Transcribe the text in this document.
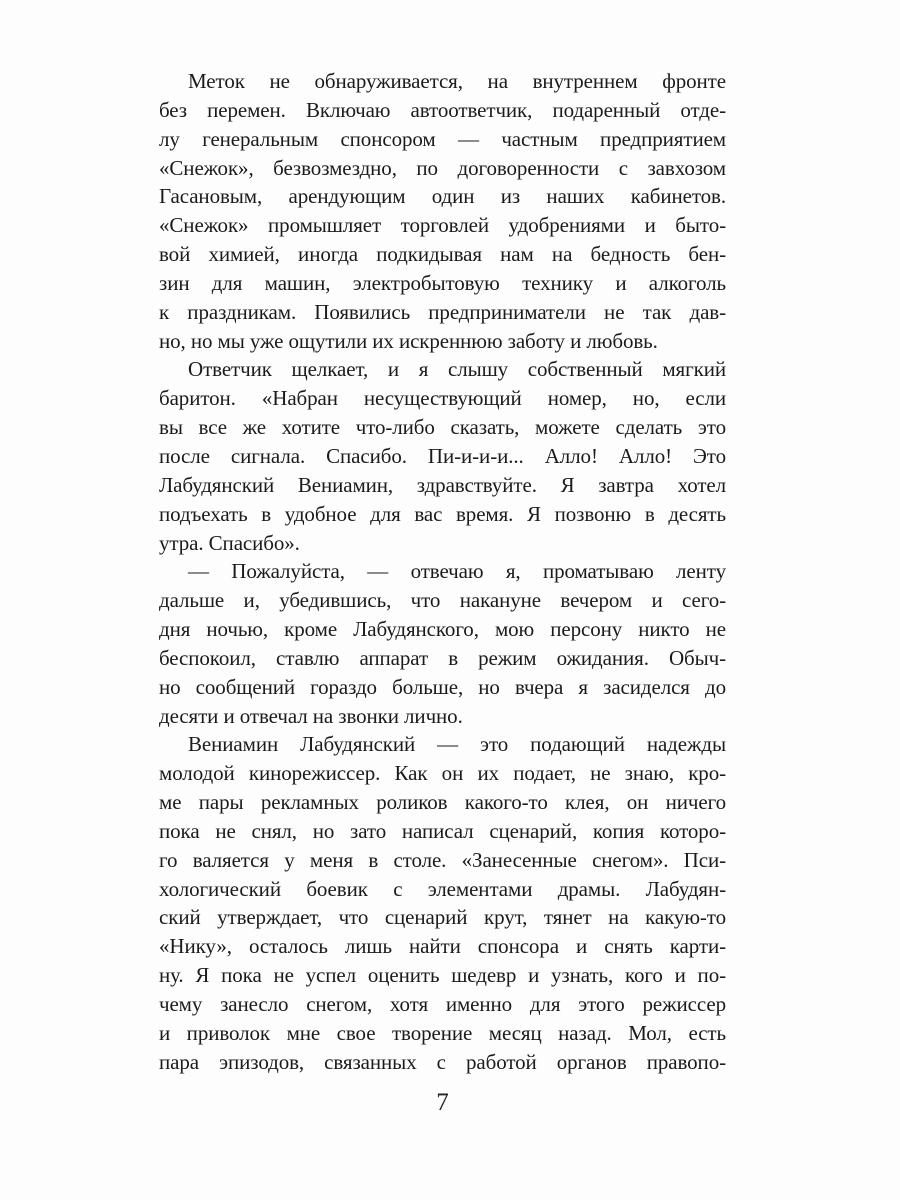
Меток не обнаруживается, на внутреннем фронте
без перемен. Включаю автоответчик, подаренный отде-
лу генеральным спонсором — частным предприятием
«Снежок», безвозмездно, по договоренности с завхозом
Гасановым, арендующим один из наших кабинетов.
«Снежок» промышляет торговлей удобрениями и быто-
вой химией, иногда подкидывая нам на бедность бен-
зин для машин, электробытовую технику и алкоголь
к праздникам. Появились предприниматели не так дав-
но, но мы уже ощутили их искреннюю заботу и любовь.
Ответчик щелкает, и я слышу собственный мягкий
баритон. «Набран несуществующий номер, но, если
вы все же хотите что-либо сказать, можете сделать это
после сигнала. Спасибо. Пи-и-и-и... Алло! Алло! Это
Лабудянский Вениамин, здравствуйте. Я завтра хотел
подъехать в удобное для вас время. Я позвоню в десять
утра. Спасибо».
— Пожалуйста, — отвечаю я, проматываю ленту
дальше и, убедившись, что накануне вечером и сего-
дня ночью, кроме Лабудянского, мою персону никто не
беспокоил, ставлю аппарат в режим ожидания. Обыч-
но сообщений гораздо больше, но вчера я засиделся до
десяти и отвечал на звонки лично.
Вениамин Лабудянский — это подающий надежды
молодой кинорежиссер. Как он их подает, не знаю, кро-
ме пары рекламных роликов какого-то клея, он ничего
пока не снял, но зато написал сценарий, копия которо-
го валяется у меня в столе. «Занесенные снегом». Пси-
хологический боевик с элементами драмы. Лабудян-
ский утверждает, что сценарий крут, тянет на какую-то
«Нику», осталось лишь найти спонсора и снять карти-
ну. Я пока не успел оценить шедевр и узнать, кого и по-
чему занесло снегом, хотя именно для этого режиссер
и приволок мне свое творение месяц назад. Мол, есть
пара эпизодов, связанных с работой органов правопо-
7
